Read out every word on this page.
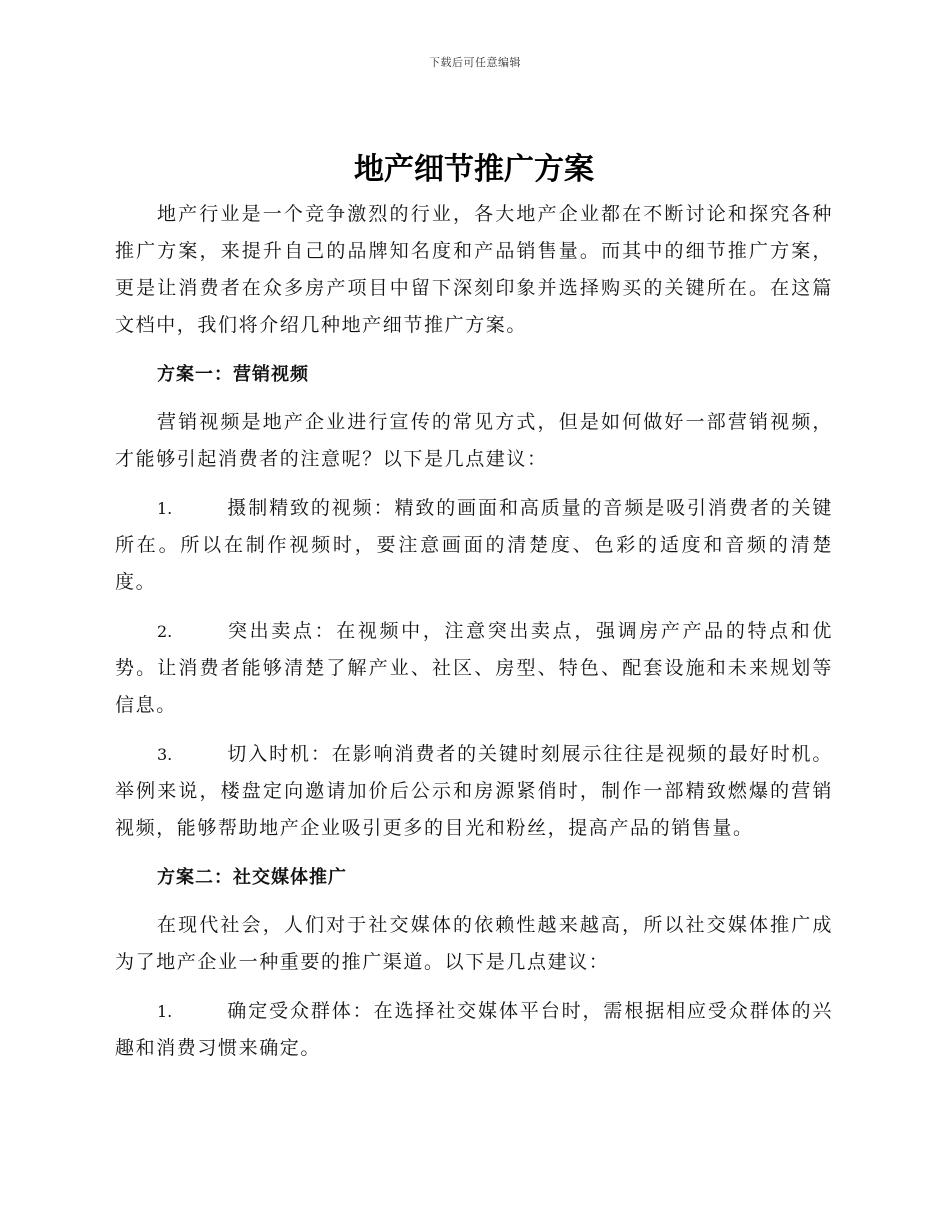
下载后可任意编辑
地产细节推广方案

地产行业是一个竞争激烈的行业，各大地产企业都在不断讨论和探究各种推广方案，来提升自己的品牌知名度和产品销售量。而其中的细节推广方案，更是让消费者在众多房产项目中留下深刻印象并选择购买的关键所在。在这篇文档中，我们将介绍几种地产细节推广方案。

方案一：营销视频

营销视频是地产企业进行宣传的常见方式，但是如何做好一部营销视频，才能够引起消费者的注意呢？以下是几点建议：

1.	摄制精致的视频：精致的画面和高质量的音频是吸引消费者的关键所在。所以在制作视频时，要注意画面的清楚度、色彩的适度和音频的清楚度。

2.	突出卖点：在视频中，注意突出卖点，强调房产产品的特点和优势。让消费者能够清楚了解产业、社区、房型、特色、配套设施和未来规划等信息。

3.	切入时机：在影响消费者的关键时刻展示往往是视频的最好时机。举例来说，楼盘定向邀请加价后公示和房源紧俏时，制作一部精致燃爆的营销视频，能够帮助地产企业吸引更多的目光和粉丝，提高产品的销售量。

方案二：社交媒体推广

在现代社会，人们对于社交媒体的依赖性越来越高，所以社交媒体推广成为了地产企业一种重要的推广渠道。以下是几点建议：

1.	确定受众群体：在选择社交媒体平台时，需根据相应受众群体的兴趣和消费习惯来确定。
